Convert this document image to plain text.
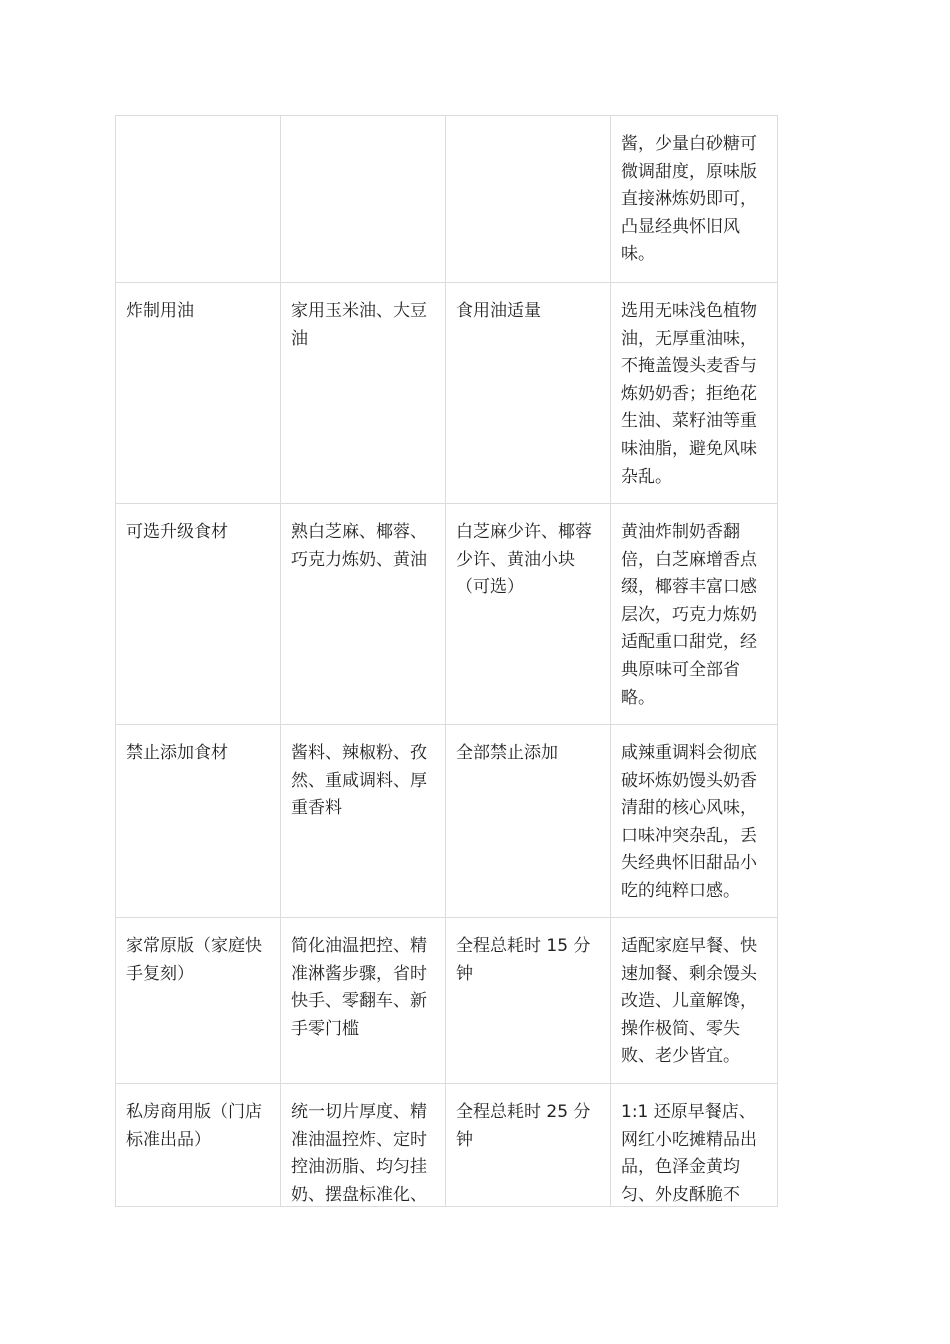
			酱，少量白砂糖可微调甜度，原味版直接淋炼奶即可，凸显经典怀旧风味。
炸制用油	家用玉米油、大豆油	食用油适量	选用无味浅色植物油，无厚重油味，不掩盖馒头麦香与炼奶奶香；拒绝花生油、菜籽油等重味油脂，避免风味杂乱。
可选升级食材	熟白芝麻、椰蓉、巧克力炼奶、黄油	白芝麻少许、椰蓉少许、黄油小块（可选）	黄油炸制奶香翻倍，白芝麻增香点缀，椰蓉丰富口感层次，巧克力炼奶适配重口甜党，经典原味可全部省略。
禁止添加食材	酱料、辣椒粉、孜然、重咸调料、厚重香料	全部禁止添加	咸辣重调料会彻底破坏炼奶馒头奶香清甜的核心风味，口味冲突杂乱，丢失经典怀旧甜品小吃的纯粹口感。
家常原版（家庭快手复刻）	简化油温把控、精准淋酱步骤，省时快手、零翻车、新手零门槛	全程总耗时 15 分钟	适配家庭早餐、快速加餐、剩余馒头改造、儿童解馋，操作极简、零失败、老少皆宜。
私房商用版（门店标准出品）	统一切片厚度、精准油温控炸、定时控油沥脂、均匀挂奶、摆盘标准化、	全程总耗时 25 分钟	1:1 还原早餐店、网红小吃摊精品出品，色泽金黄均匀、外皮酥脆不
